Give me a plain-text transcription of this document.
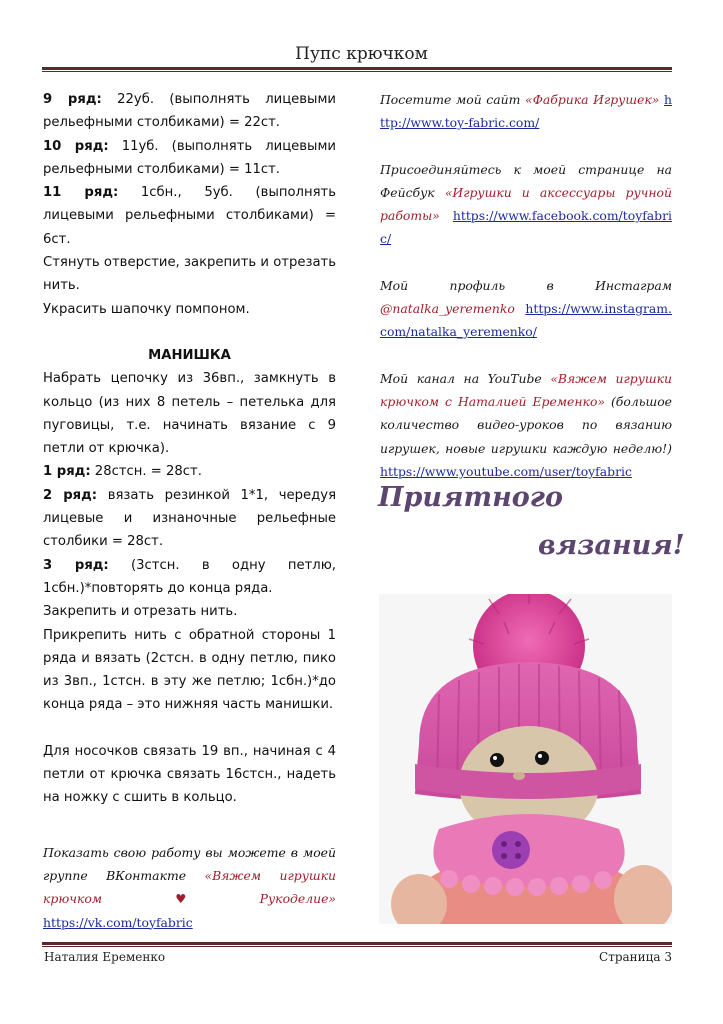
Пупс крючком

9 ряд: 22уб. (выполнять лицевыми рельефными столбиками) = 22ст.

10 ряд: 11уб. (выполнять лицевыми рельефными столбиками) = 11ст.

11 ряд: 1сбн., 5уб. (выполнять лицевыми рельефными столбиками) = 6ст.

Стянуть отверстие, закрепить и отрезать нить.

Украсить шапочку помпоном.

МАНИШКА

Набрать цепочку из 36вп., замкнуть в кольцо (из них 8 петель – петелька для пуговицы, т.е. начинать вязание с 9 петли от крючка).

1 ряд: 28стсн. = 28ст.

2 ряд: вязать резинкой 1*1, чередуя лицевые и изнаночные рельефные столбики = 28ст.

3 ряд: (3стсн. в одну петлю, 1сбн.)*повторять до конца ряда.

Закрепить и отрезать нить.

Прикрепить нить с обратной стороны 1 ряда и вязать (2стсн. в одну петлю, пико из 3вп., 1стсн. в эту же петлю; 1сбн.)*до конца ряда – это нижняя часть манишки.

Для носочков связать 19 вп., начиная с 4 петли от крючка связать 16стсн., надеть на ножку с сшить в кольцо.

Показать свою работу вы можете в моей группе ВКонтакте «Вяжем игрушки крючком♥Рукоделие» https://vk.com/toyfabric

Посетите мой сайт «Фабрика Игрушек» http://www.toy-fabric.com/

Присоединяйтесь к моей странице на Фейсбук «Игрушки и аксессуары ручной работы» https://www.facebook.com/toyfabric/

Мой профиль в Инстаграм @natalka_yeremenko https://www.instagram.com/natalka_yeremenko/

Мой канал на YouTube «Вяжем игрушки крючком с Наталией Еременко» (большое количество видео-уроков по вязанию игрушек, новые игрушки каждую неделю!) https://www.youtube.com/user/toyfabric

Приятного
вязания!
Наталия Еременко	Страница 3
